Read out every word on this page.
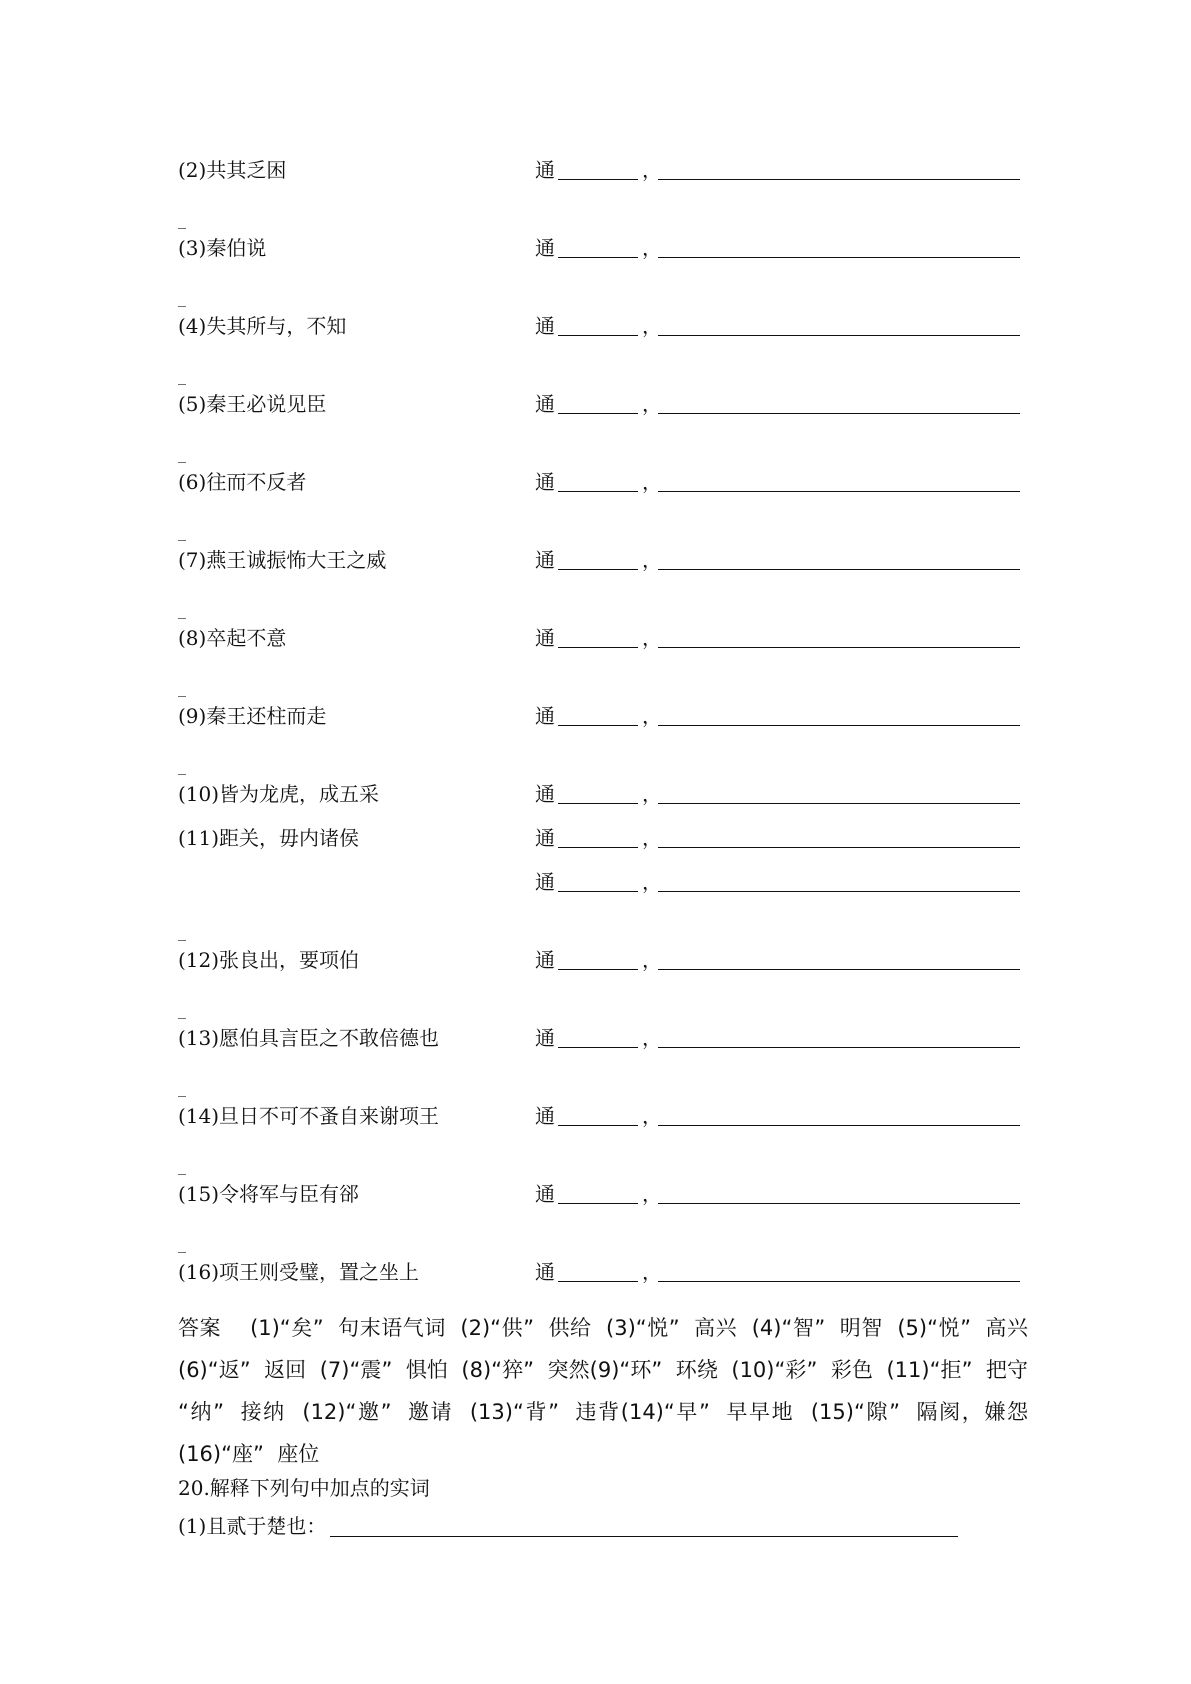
(2)共其乏困	通	，
_
(3)秦伯说	通	，
_
(4)失其所与，不知	通	，
_
(5)秦王必说见臣	通	，
_
(6)往而不反者	通	，
_
(7)燕王诚振怖大王之威	通	，
_
(8)卒起不意	通	，
_
(9)秦王还柱而走	通	，
_
(10)皆为龙虎，成五采	通	，
(11)距关，毋内诸侯	通	，
通	，
_
(12)张良出，要项伯	通	，
_
(13)愿伯具言臣之不敢倍德也	通	，
_
(14)旦日不可不蚤自来谢项王	通	，
_
(15)令将军与臣有郤	通	，
_
(16)项王则受璧，置之坐上	通	，
答案 (1)“矣”  句末语气词  (2)“供”  供给  (3)“悦”  高兴  (4)“智”  明智  (5)“悦”  高兴(6)“返”  返回  (7)“震”  惧怕  (8)“猝”  突然(9)“环”  环绕  (10)“彩”  彩色  (11)“拒”  把守  “纳”  接纳  (12)“邀”  邀请  (13)“背”  违背(14)“早”  早早地  (15)“隙”  隔阂，嫌怨  (16)“座”  座位
20.解释下列句中加点的实词
(1)且贰于楚也：
